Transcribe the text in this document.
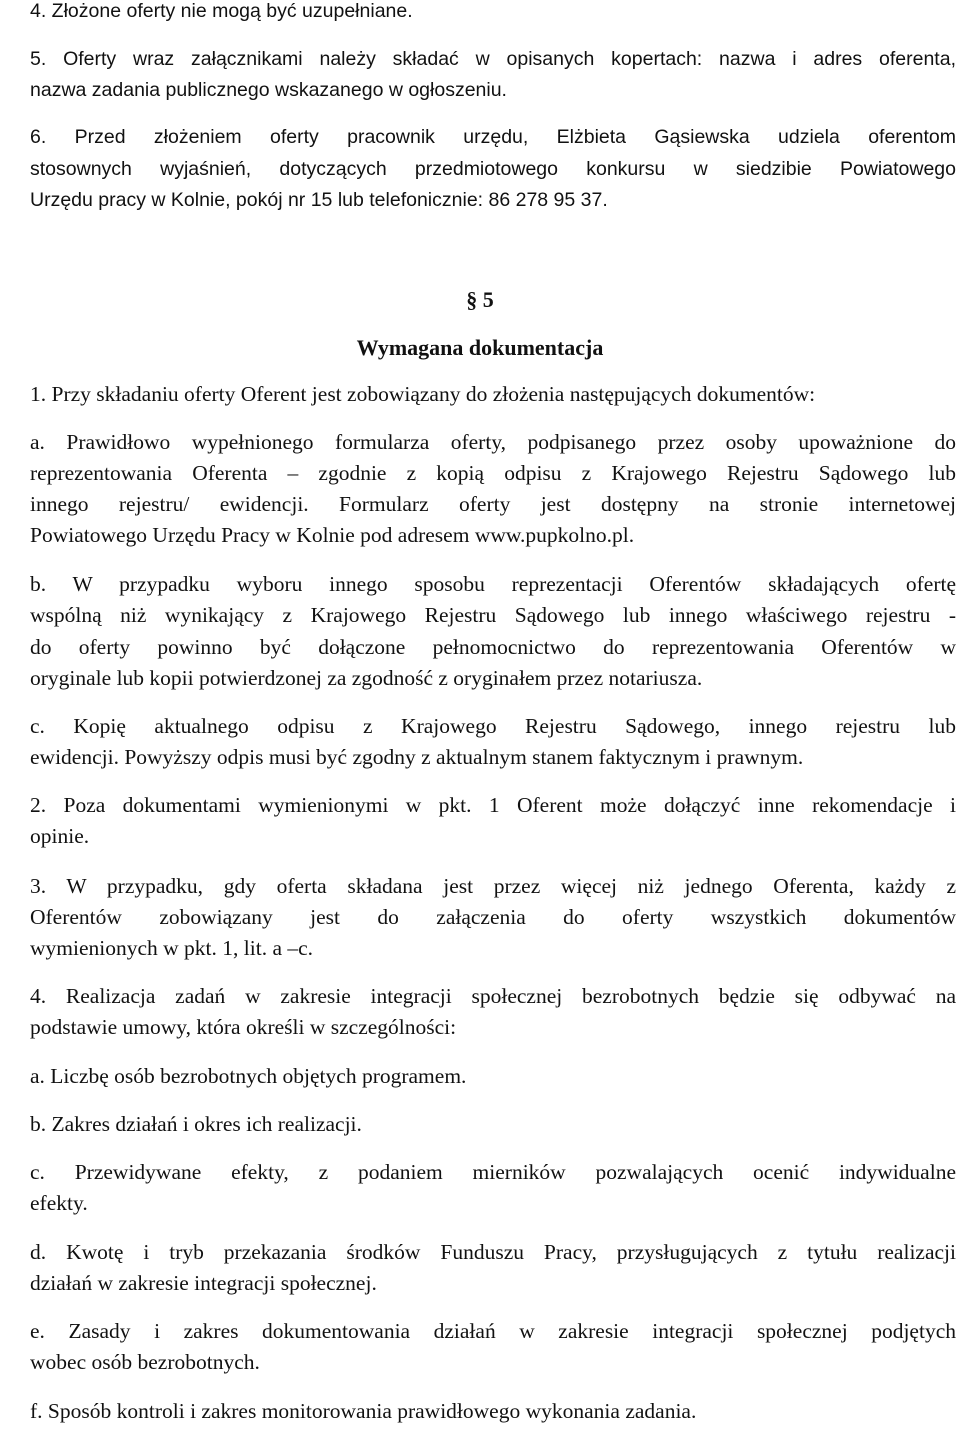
4. Złożone oferty nie mogą być uzupełniane.
5. Oferty wraz załącznikami należy składać w opisanych kopertach: nazwa i adres oferenta,
nazwa zadania publicznego wskazanego w ogłoszeniu.
6. Przed złożeniem oferty pracownik urzędu, Elżbieta Gąsiewska udziela oferentom
stosownych wyjaśnień, dotyczących przedmiotowego konkursu w siedzibie Powiatowego
Urzędu pracy w Kolnie, pokój nr 15 lub telefonicznie: 86 278 95 37.
§ 5
Wymagana dokumentacja
1. Przy składaniu oferty Oferent jest zobowiązany do złożenia następujących dokumentów:
a. Prawidłowo wypełnionego formularza oferty, podpisanego przez osoby upoważnione do
reprezentowania Oferenta – zgodnie z kopią odpisu z Krajowego Rejestru Sądowego lub
innego rejestru/ ewidencji. Formularz oferty jest dostępny na stronie internetowej
Powiatowego Urzędu Pracy w Kolnie pod adresem www.pupkolno.pl.
b. W przypadku wyboru innego sposobu reprezentacji Oferentów składających ofertę
wspólną niż wynikający z Krajowego Rejestru Sądowego lub innego właściwego rejestru -
do oferty powinno być dołączone pełnomocnictwo do reprezentowania Oferentów w
oryginale lub kopii potwierdzonej za zgodność z oryginałem przez notariusza.
c. Kopię aktualnego odpisu z Krajowego Rejestru Sądowego, innego rejestru lub
ewidencji. Powyższy odpis musi być zgodny z aktualnym stanem faktycznym i prawnym.
2. Poza dokumentami wymienionymi w pkt. 1 Oferent może dołączyć inne rekomendacje i
opinie.
3. W przypadku, gdy oferta składana jest przez więcej niż jednego Oferenta, każdy z
Oferentów zobowiązany jest do załączenia do oferty wszystkich dokumentów
wymienionych w pkt. 1, lit. a –c.
4. Realizacja zadań w zakresie integracji społecznej bezrobotnych będzie się odbywać na
podstawie umowy, która określi w szczególności:
a. Liczbę osób bezrobotnych objętych programem.
b. Zakres działań i okres ich realizacji.
c. Przewidywane efekty, z podaniem mierników pozwalających ocenić indywidualne
efekty.
d. Kwotę i tryb przekazania środków Funduszu Pracy, przysługujących z tytułu realizacji
działań w zakresie integracji społecznej.
e. Zasady i zakres dokumentowania działań w zakresie integracji społecznej podjętych
wobec osób bezrobotnych.
f. Sposób kontroli i zakres monitorowania prawidłowego wykonania zadania.
